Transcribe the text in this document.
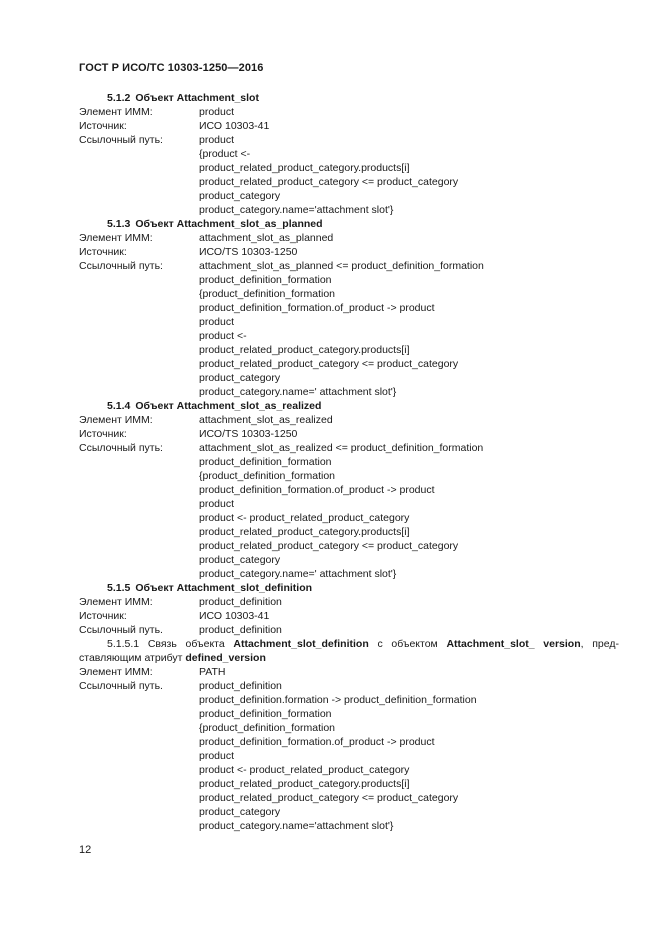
ГОСТ Р ИСО/ТС 10303-1250—2016
5.1.2 Объект Attachment_slot
Элемент ИММ:	product
Источник:	ИСО 10303-41
Ссылочный путь:	product
{product <-
product_related_product_category.products[i]
product_related_product_category <= product_category
product_category
product_category.name='attachment slot'}
5.1.3 Объект Attachment_slot_as_planned
Элемент ИММ:	attachment_slot_as_planned
Источник:	ИСО/TS 10303-1250
Ссылочный путь:	attachment_slot_as_planned <= product_definition_formation
product_definition_formation
{product_definition_formation
product_definition_formation.of_product -> product
product
product <-
product_related_product_category.products[i]
product_related_product_category <= product_category
product_category
product_category.name=' attachment slot'}
5.1.4 Объект Attachment_slot_as_realized
Элемент ИММ:	attachment_slot_as_realized
Источник:	ИСО/TS 10303-1250
Ссылочный путь:	attachment_slot_as_realized <= product_definition_formation
product_definition_formation
{product_definition_formation
product_definition_formation.of_product -> product
product
product <- product_related_product_category
product_related_product_category.products[i]
product_related_product_category <= product_category
product_category
product_category.name=' attachment slot'}
5.1.5 Объект Attachment_slot_definition
Элемент ИММ:	product_definition
Источник:	ИСО 10303-41
Ссылочный путь.	product_definition

5.1.5.1 Связь объекта Attachment_slot_definition с объектом Attachment_slot_ version, пред-

ставляющим атрибут defined_version

Элемент ИММ:	PATH
Ссылочный путь.	product_definition
product_definition.formation -> product_definition_formation
product_definition_formation
{product_definition_formation
product_definition_formation.of_product -> product
product
product <- product_related_product_category
product_related_product_category.products[i]
product_related_product_category <= product_category
product_category
product_category.name='attachment slot'}
12
